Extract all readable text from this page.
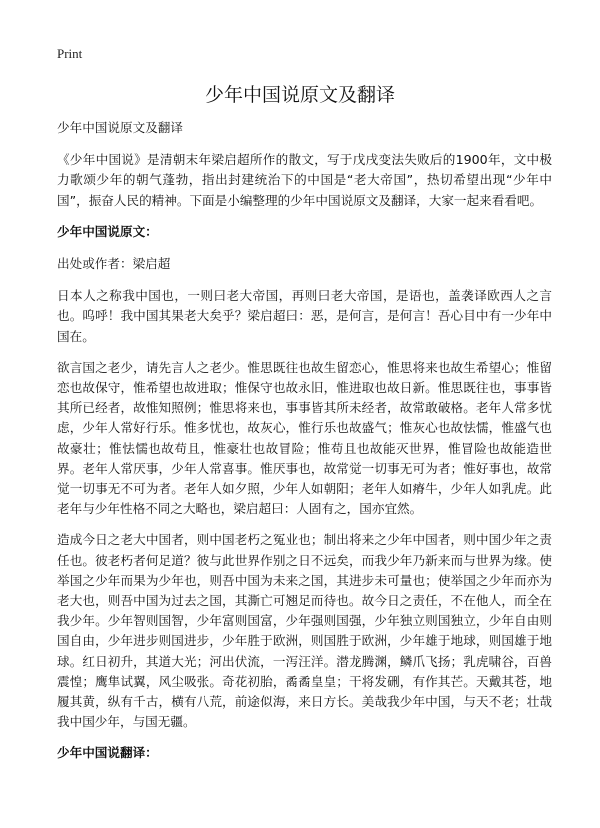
Print
少年中国说原文及翻译

少年中国说原文及翻译

《少年中国说》是清朝末年梁启超所作的散文，写于戊戌变法失败后的1900年，文中极力歌颂少年的朝气蓬勃，指出封建统治下的中国是“老大帝国”，热切希望出现“少年中国”，振奋人民的精神。下面是小编整理的少年中国说原文及翻译，大家一起来看看吧。

少年中国说原文：

出处或作者：梁启超

日本人之称我中国也，一则曰老大帝国，再则曰老大帝国，是语也，盖袭译欧西人之言也。呜呼！我中国其果老大矣乎？梁启超曰：恶，是何言，是何言！吾心目中有一少年中国在。

欲言国之老少，请先言人之老少。惟思既往也故生留恋心，惟思将来也故生希望心；惟留恋也故保守，惟希望也故进取；惟保守也故永旧，惟进取也故日新。惟思既往也，事事皆其所已经者，故惟知照例；惟思将来也，事事皆其所未经者，故常敢破格。老年人常多忧虑，少年人常好行乐。惟多忧也，故灰心，惟行乐也故盛气；惟灰心也故怯懦，惟盛气也故豪壮；惟怯懦也故苟且，惟豪壮也故冒险；惟苟且也故能灭世界，惟冒险也故能造世界。老年人常厌事，少年人常喜事。惟厌事也，故常觉一切事无可为者；惟好事也，故常觉一切事无不可为者。老年人如夕照，少年人如朝阳；老年人如瘠牛，少年人如乳虎。此老年与少年性格不同之大略也，梁启超曰：人固有之，国亦宜然。

造成今日之老大中国者，则中国老朽之冤业也；制出将来之少年中国者，则中国少年之责任也。彼老朽者何足道？彼与此世界作别之日不远矣，而我少年乃新来而与世界为缘。使举国之少年而果为少年也，则吾中国为未来之国，其进步未可量也；使举国之少年而亦为老大也，则吾中国为过去之国，其澌亡可翘足而待也。故今日之责任，不在他人，而全在我少年。少年智则国智，少年富则国富，少年强则国强，少年独立则国独立，少年自由则国自由，少年进步则国进步，少年胜于欧洲，则国胜于欧洲，少年雄于地球，则国雄于地球。红日初升，其道大光；河出伏流，一泻汪洋。潜龙腾渊，鳞爪飞扬；乳虎啸谷，百兽震惶；鹰隼试翼，风尘吸张。奇花初胎，矞矞皇皇；干将发硎，有作其芒。天戴其苍，地履其黄，纵有千古，横有八荒，前途似海，来日方长。美哉我少年中国，与天不老；壮哉我中国少年，与国无疆。

少年中国说翻译：
